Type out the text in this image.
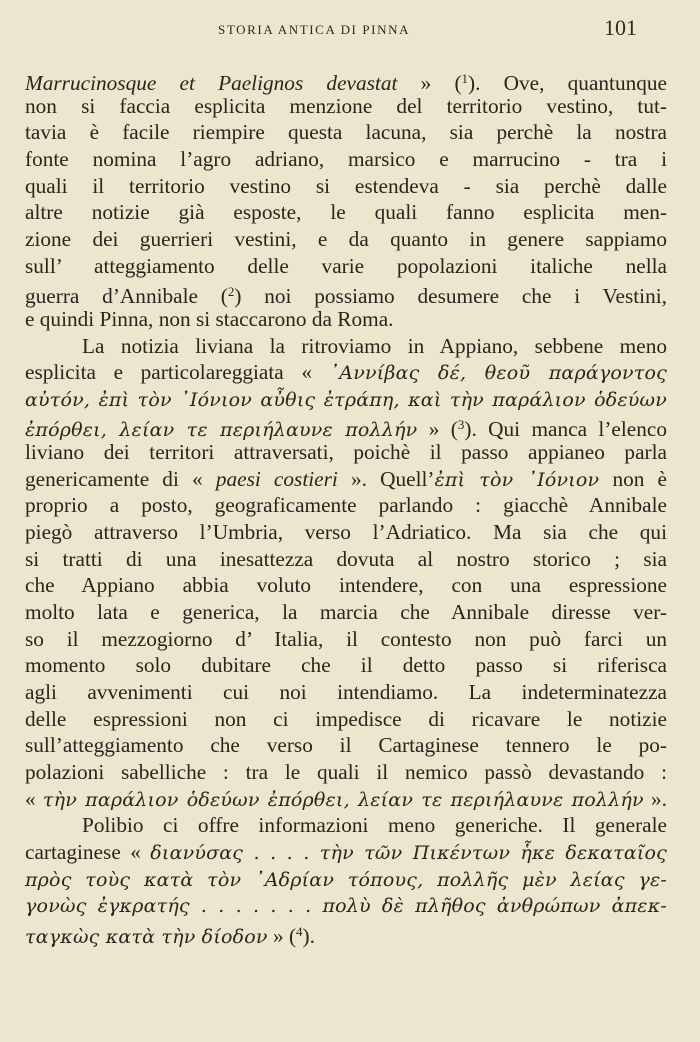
STORIA ANTICA DI PINNA	101
Marrucinosque et Paelignos devastat » ($^1$). Ove, quantunque
non si faccia esplicita menzione del territorio vestino, tut-
tavia è facile riempire questa lacuna, sia perchè la nostra
fonte nomina l’agro adriano, marsico e marrucino - tra i
quali il territorio vestino si estendeva - sia perchè dalle
altre notizie già esposte, le quali fanno esplicita men-
zione dei guerrieri vestini, e da quanto in genere sappiamo
sull’ atteggiamento delle varie popolazioni italiche nella
guerra d’Annibale ($^2$) noi possiamo desumere che i Vestini,
e quindi Pinna, non si staccarono da Roma.
La notizia liviana la ritroviamo in Appiano, sebbene meno
esplicita e particolareggiata « ᾿Αννίβας δέ, θεοῦ παράγοντος
αὐτόν, ἐπὶ τὸν ᾿Ιόνιον αὖθις ἐτράπη, καὶ τὴν παράλιον ὁδεύων
ἐπόρθει, λείαν τε περιήλαυνε πολλήν » ($^3$). Qui manca l’elenco
liviano dei territori attraversati, poichè il passo appianeo parla
genericamente di « paesi costieri ». Quell’ἐπὶ τὸν ᾿Ιόνιον non è
proprio a posto, geograficamente parlando : giacchè Annibale
piegò attraverso l’Umbria, verso l’Adriatico. Ma sia che qui
si tratti di una inesattezza dovuta al nostro storico ; sia
che Appiano abbia voluto intendere, con una espressione
molto lata e generica, la marcia che Annibale diresse ver-
so il mezzogiorno d’ Italia, il contesto non può farci un
momento solo dubitare che il detto passo si riferisca
agli avvenimenti cui noi intendiamo. La indeterminatezza
delle espressioni non ci impedisce di ricavare le notizie
sull’atteggiamento che verso il Cartaginese tennero le po-
polazioni sabelliche : tra le quali il nemico passò devastando :
« τὴν παράλιον ὁδεύων ἐπόρθει, λείαν τε περιήλαυνε πολλήν ».
Polibio ci offre informazioni meno generiche. Il generale
cartaginese « διανύσας . . . . τὴν τῶν Πικέντων ἧκε δεκαταῖος
πρὸς τοὺς κατὰ τὸν ᾿Αδρίαν τόπους, πολλῆς μὲν λείας γε-
γονὼς ἐγκρατής . . . . . . . πολὺ δὲ πλῆθος ἀνθρώπων ἀπεκ-
ταγκὼς κατὰ τὴν δίοδον » ($^4$).
